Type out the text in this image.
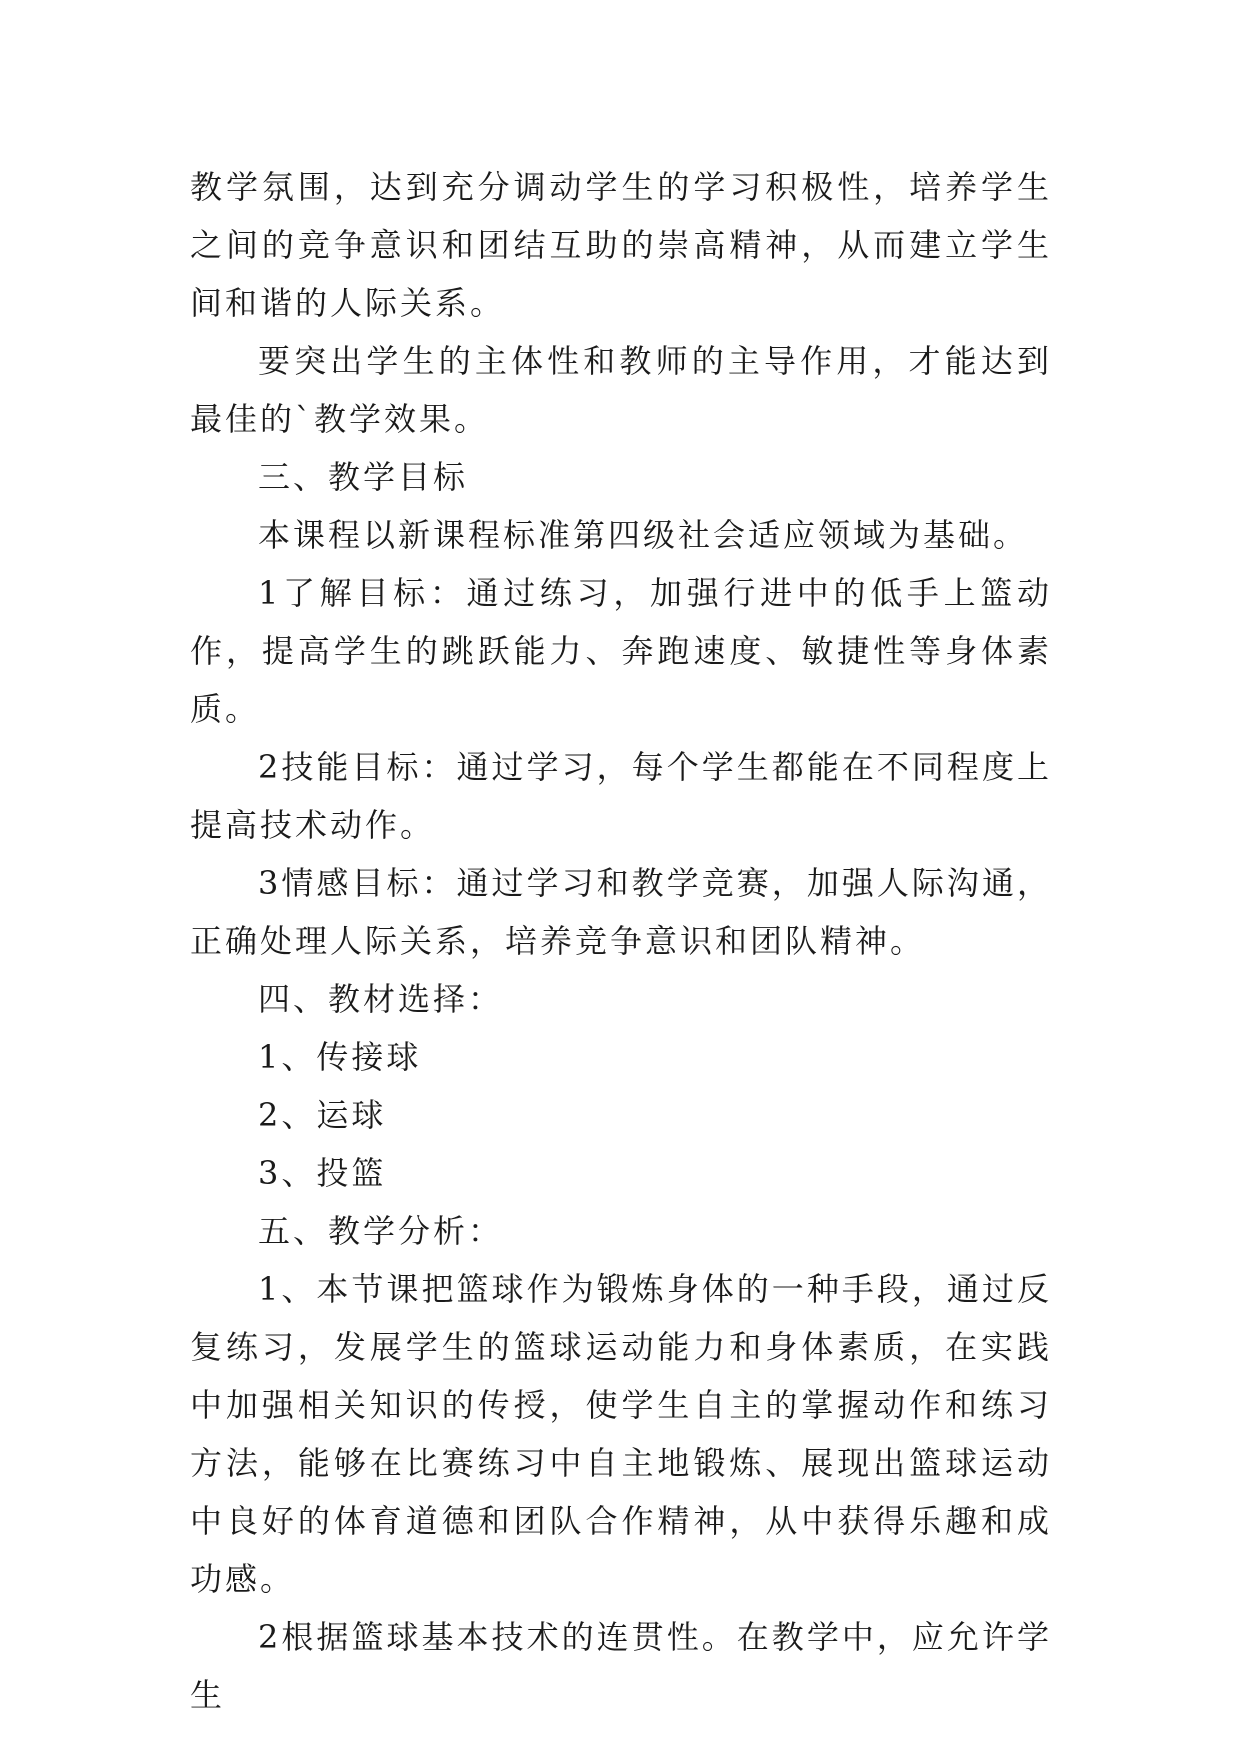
教学氛围，达到充分调动学生的学习积极性，培养学生之间的竞争意识和团结互助的崇高精神，从而建立学生间和谐的人际关系。

要突出学生的主体性和教师的主导作用，才能达到最佳的`教学效果。

三、教学目标

本课程以新课程标准第四级社会适应领域为基础。

1了解目标：通过练习，加强行进中的低手上篮动作，提高学生的跳跃能力、奔跑速度、敏捷性等身体素质。

2技能目标：通过学习，每个学生都能在不同程度上提高技术动作。

3情感目标：通过学习和教学竞赛，加强人际沟通，正确处理人际关系，培养竞争意识和团队精神。

四、教材选择：

1、传接球

2、运球

3、投篮

五、教学分析：

1、本节课把篮球作为锻炼身体的一种手段，通过反复练习，发展学生的篮球运动能力和身体素质，在实践中加强相关知识的传授，使学生自主的掌握动作和练习方法，能够在比赛练习中自主地锻炼、展现出篮球运动中良好的体育道德和团队合作精神，从中获得乐趣和成功感。

2根据篮球基本技术的连贯性。在教学中，应允许学生
